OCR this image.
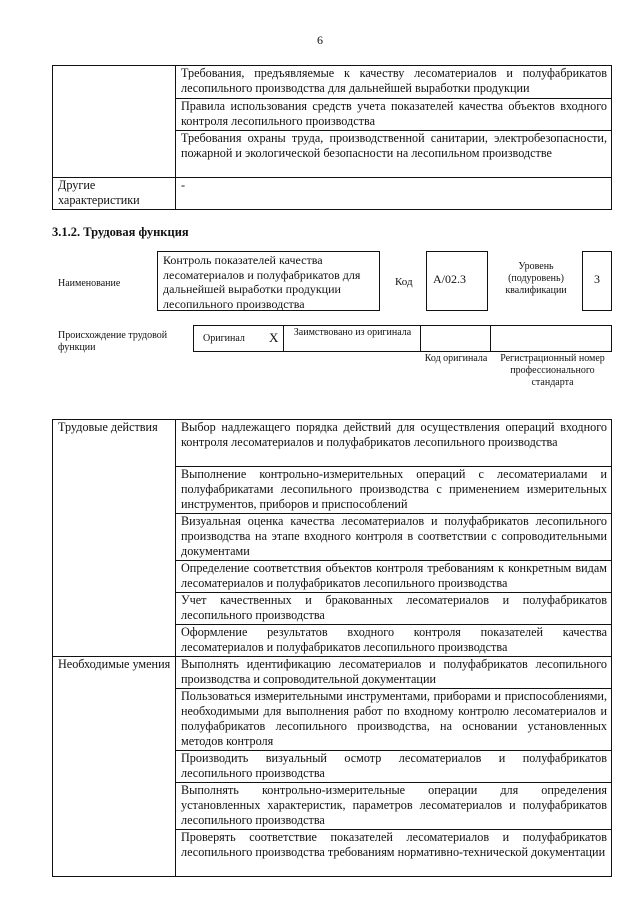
6
	Требования, предъявляемые к качеству лесоматериалов и полуфабрикатов лесопильного производства для дальнейшей выработки продукции
	Правила использования средств учета показателей качества объектов входного контроля лесопильного производства
	Требования охраны труда, производственной санитарии, электробезопасности, пожарной и экологической безопасности на лесопильном производстве
Другие характеристики	-
3.1.2. Трудовая функция
Наименование
Контроль показателей качества лесоматериалов и полуфабрикатов для дальнейшей выработки продукции лесопильного производства
Код	А/02.3
Уровень (подуровень) квалификации
3
Происхождение трудовой функции
Оригинал X	Заимствовано из оригинала
Код оригинала	Регистрационный номер профессионального стандарта
Трудовые действия	Выбор надлежащего порядка действий для осуществления операций входного контроля лесоматериалов и полуфабрикатов лесопильного производства
	Выполнение контрольно-измерительных операций с лесоматериалами и полуфабрикатами лесопильного производства с применением измерительных инструментов, приборов и приспособлений
	Визуальная оценка качества лесоматериалов и полуфабрикатов лесопильного производства на этапе входного контроля в соответствии с сопроводительными документами
	Определение соответствия объектов контроля требованиям к конкретным видам лесоматериалов и полуфабрикатов лесопильного производства
	Учет качественных и бракованных лесоматериалов и полуфабрикатов лесопильного производства
	Оформление результатов входного контроля показателей качества лесоматериалов и полуфабрикатов лесопильного производства
Необходимые умения	Выполнять идентификацию лесоматериалов и полуфабрикатов лесопильного производства и сопроводительной документации
	Пользоваться измерительными инструментами, приборами и приспособлениями, необходимыми для выполнения работ по входному контролю лесоматериалов и полуфабрикатов лесопильного производства, на основании установленных методов контроля
	Производить визуальный осмотр лесоматериалов и полуфабрикатов лесопильного производства
	Выполнять контрольно-измерительные операции для определения установленных характеристик, параметров лесоматериалов и полуфабрикатов лесопильного производства
	Проверять соответствие показателей лесоматериалов и полуфабрикатов лесопильного производства требованиям нормативно-технической документации
